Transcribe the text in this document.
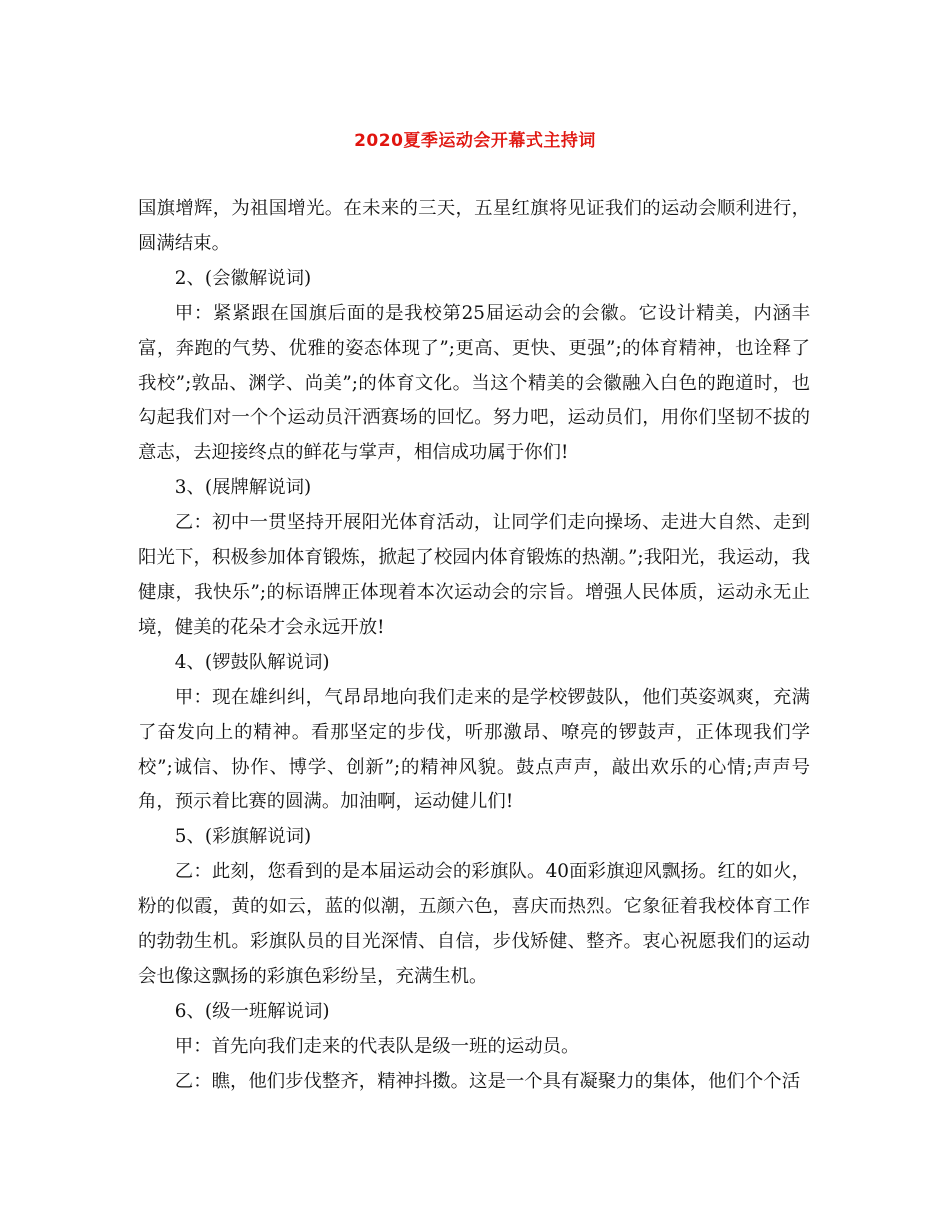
2020夏季运动会开幕式主持词

国旗增辉，为祖国增光。在未来的三天，五星红旗将见证我们的运动会顺利进行，圆满结束。

2、(会徽解说词)

甲：紧紧跟在国旗后面的是我校第25届运动会的会徽。它设计精美，内涵丰富，奔跑的气势、优雅的姿态体现了”;更高、更快、更强”;的体育精神，也诠释了我校”;敦品、渊学、尚美”;的体育文化。当这个精美的会徽融入白色的跑道时，也勾起我们对一个个运动员汗洒赛场的回忆。努力吧，运动员们，用你们坚韧不拔的意志，去迎接终点的鲜花与掌声，相信成功属于你们!

3、(展牌解说词)

乙：初中一贯坚持开展阳光体育活动，让同学们走向操场、走进大自然、走到阳光下，积极参加体育锻炼，掀起了校园内体育锻炼的热潮。”;我阳光，我运动，我健康，我快乐”;的标语牌正体现着本次运动会的宗旨。增强人民体质，运动永无止境，健美的花朵才会永远开放!

4、(锣鼓队解说词)

甲：现在雄纠纠，气昂昂地向我们走来的是学校锣鼓队，他们英姿飒爽，充满了奋发向上的精神。看那坚定的步伐，听那激昂、嘹亮的锣鼓声，正体现我们学校”;诚信、协作、博学、创新”;的精神风貌。鼓点声声，敲出欢乐的心情;声声号角，预示着比赛的圆满。加油啊，运动健儿们!

5、(彩旗解说词)

乙：此刻，您看到的是本届运动会的彩旗队。40面彩旗迎风飘扬。红的如火，粉的似霞，黄的如云，蓝的似潮，五颜六色，喜庆而热烈。它象征着我校体育工作的勃勃生机。彩旗队员的目光深情、自信，步伐矫健、整齐。衷心祝愿我们的运动会也像这飘扬的彩旗色彩纷呈，充满生机。

6、(级一班解说词)

甲：首先向我们走来的代表队是级一班的运动员。

乙：瞧，他们步伐整齐，精神抖擞。这是一个具有凝聚力的集体，他们个个活
